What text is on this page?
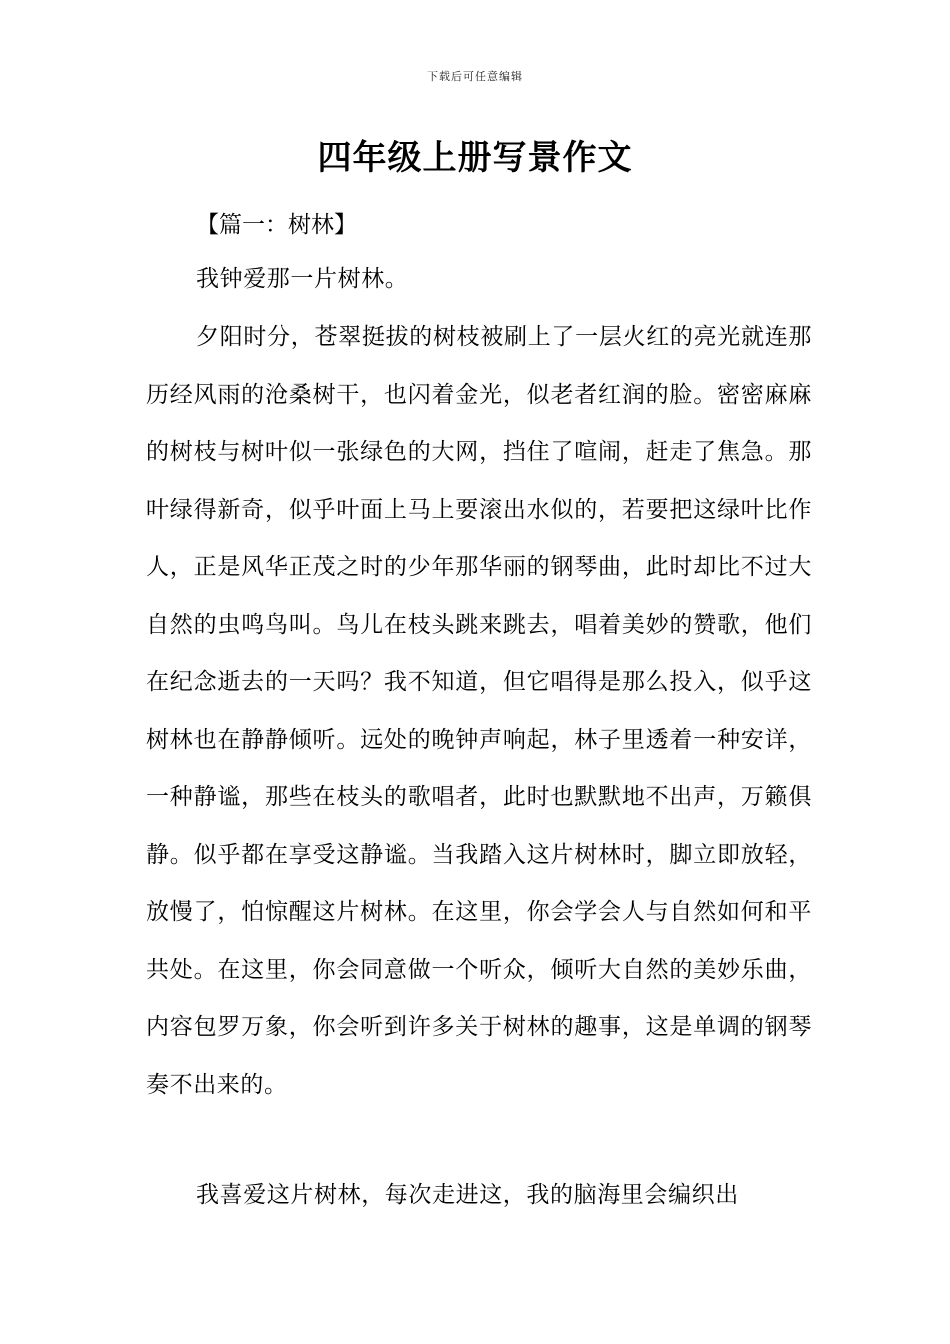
下载后可任意编辑
四年级上册写景作文

【篇一：树林】

我钟爱那一片树林。

夕阳时分，苍翠挺拔的树枝被刷上了一层火红的亮光就连那历经风雨的沧桑树干，也闪着金光，似老者红润的脸。密密麻麻的树枝与树叶似一张绿色的大网，挡住了喧闹，赶走了焦急。那叶绿得新奇，似乎叶面上马上要滚出水似的，若要把这绿叶比作人，正是风华正茂之时的少年那华丽的钢琴曲，此时却比不过大自然的虫鸣鸟叫。鸟儿在枝头跳来跳去，唱着美妙的赞歌，他们在纪念逝去的一天吗？我不知道，但它唱得是那么投入，似乎这树林也在静静倾听。远处的晚钟声响起，林子里透着一种安详，一种静谧，那些在枝头的歌唱者，此时也默默地不出声，万籁俱静。似乎都在享受这静谧。当我踏入这片树林时，脚立即放轻，放慢了，怕惊醒这片树林。在这里，你会学会人与自然如何和平共处。在这里，你会同意做一个听众，倾听大自然的美妙乐曲，内容包罗万象，你会听到许多关于树林的趣事，这是单调的钢琴奏不出来的。

我喜爱这片树林，每次走进这，我的脑海里会编织出
